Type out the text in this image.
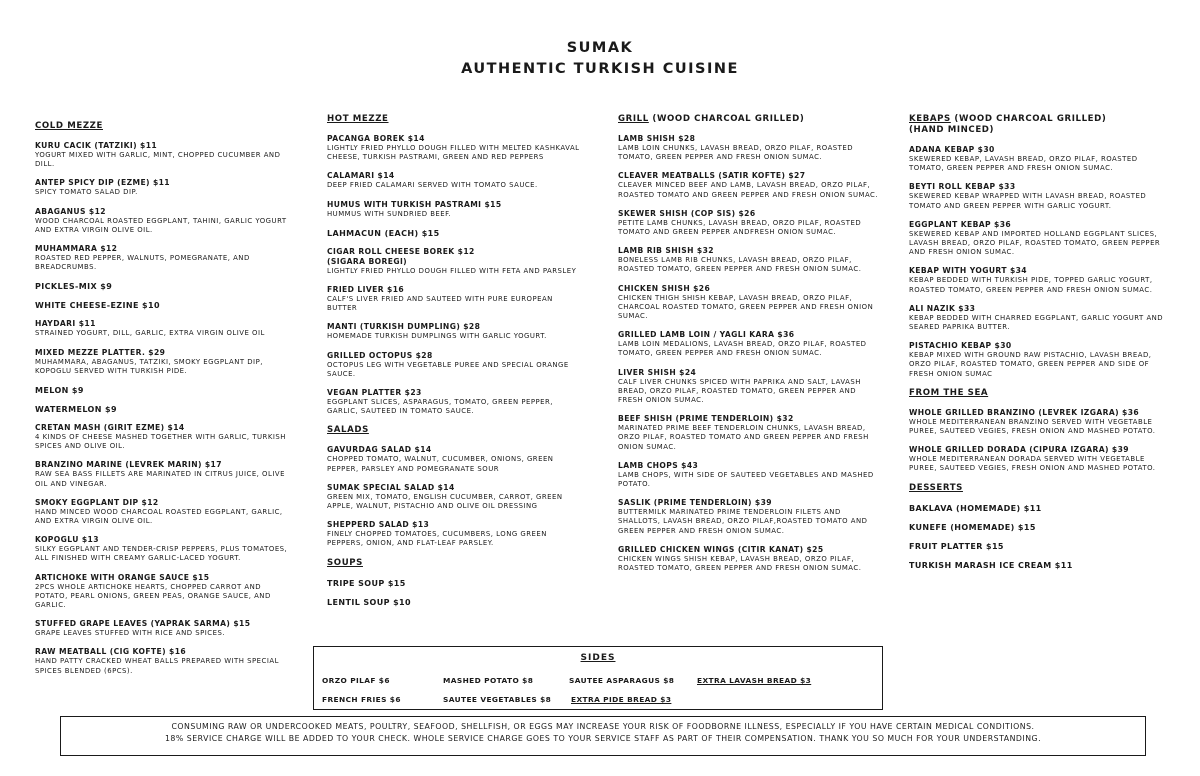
SUMAK
AUTHENTIC TURKISH CUISINE
COLD MEZZE
KURU CACIK (TATZIKI) $11
YOGURT MIXED WITH GARLIC, MINT, CHOPPED CUCUMBER AND DILL.
ANTEP SPICY DIP (EZME) $11
SPICY TOMATO SALAD DIP.
ABAGANUS $12
WOOD CHARCOAL ROASTED EGGPLANT, TAHINI, GARLIC YOGURT AND EXTRA VIRGIN OLIVE OIL.
MUHAMMARA $12
ROASTED RED PEPPER, WALNUTS, POMEGRANATE, AND BREADCRUMBS.
PICKLES-MIX $9
WHITE CHEESE-EZINE $10
HAYDARI $11
STRAINED YOGURT, DILL, GARLIC, EXTRA VIRGIN OLIVE OIL
MIXED MEZZE PLATTER. $29
MUHAMMARA, ABAGANUS, TATZIKI, SMOKY EGGPLANT DIP, KOPOGLU SERVED WITH TURKISH PIDE.
MELON $9
WATERMELON $9
CRETAN MASH (GIRIT EZME) $14
4 KINDS OF CHEESE MASHED TOGETHER WITH GARLIC, TURKISH SPICES AND OLIVE OIL.
BRANZINO MARINE (LEVREK MARIN) $17
RAW SEA BASS FILLETS ARE MARINATED IN CITRUS JUICE, OLIVE OIL AND VINEGAR.
SMOKY EGGPLANT DIP $12
HAND MINCED WOOD CHARCOAL ROASTED EGGPLANT, GARLIC, AND EXTRA VIRGIN OLIVE OIL.
KOPOGLU $13
SILKY EGGPLANT AND TENDER-CRISP PEPPERS, PLUS TOMATOES, ALL FINISHED WITH CREAMY GARLIC-LACED YOGURT.
ARTICHOKE WITH ORANGE SAUCE $15
2PCS WHOLE ARTICHOKE HEARTS, CHOPPED CARROT AND POTATO, PEARL ONIONS, GREEN PEAS, ORANGE SAUCE, AND GARLIC.
STUFFED GRAPE LEAVES (YAPRAK SARMA) $15
GRAPE LEAVES STUFFED WITH RICE AND SPICES.
RAW MEATBALL (CIG KOFTE) $16
HAND PATTY CRACKED WHEAT BALLS PREPARED WITH SPECIAL SPICES BLENDED (6PCS).
HOT MEZZE
PACANGA BOREK $14
LIGHTLY FRIED PHYLLO DOUGH FILLED WITH MELTED KASHKAVAL CHEESE, TURKISH PASTRAMI, GREEN AND RED PEPPERS
CALAMARI $14
DEEP FRIED CALAMARI SERVED WITH TOMATO SAUCE.
HUMUS WITH TURKISH PASTRAMI $15
HUMMUS WITH SUNDRIED BEEF.
LAHMACUN (EACH) $15
CIGAR ROLL CHEESE BOREK $12
(SIGARA BOREGI)
LIGHTLY FRIED PHYLLO DOUGH FILLED WITH FETA AND PARSLEY
FRIED LIVER $16
CALF'S LIVER FRIED AND SAUTEED WITH PURE EUROPEAN BUTTER
MANTI (TURKISH DUMPLING) $28
HOMEMADE TURKISH DUMPLINGS WITH GARLIC YOGURT.
GRILLED OCTOPUS $28
OCTOPUS LEG WITH VEGETABLE PUREE AND SPECIAL ORANGE SAUCE.
VEGAN PLATTER $23
EGGPLANT SLICES, ASPARAGUS, TOMATO, GREEN PEPPER, GARLIC, SAUTEED IN TOMATO SAUCE.
SALADS
GAVURDAG SALAD $14
CHOPPED TOMATO, WALNUT, CUCUMBER, ONIONS, GREEN PEPPER, PARSLEY AND POMEGRANATE SOUR
SUMAK SPECIAL SALAD $14
GREEN MIX, TOMATO, ENGLISH CUCUMBER, CARROT, GREEN APPLE, WALNUT, PISTACHIO AND OLIVE OIL DRESSING
SHEPPERD SALAD $13
FINELY CHOPPED TOMATOES, CUCUMBERS, LONG GREEN PEPPERS, ONION, AND FLAT-LEAF PARSLEY.
SOUPS
TRIPE SOUP $15
LENTIL SOUP $10
GRILL (WOOD CHARCOAL GRILLED)
LAMB SHISH $28
LAMB LOIN CHUNKS, LAVASH BREAD, ORZO PILAF, ROASTED TOMATO, GREEN PEPPER AND FRESH ONION SUMAC.
CLEAVER MEATBALLS (SATIR KOFTE) $27
CLEAVER MINCED BEEF AND LAMB, LAVASH BREAD, ORZO PILAF, ROASTED TOMATO AND GREEN PEPPER AND FRESH ONION SUMAC.
SKEWER SHISH (COP SIS) $26
PETITE LAMB CHUNKS, LAVASH BREAD, ORZO PILAF, ROASTED TOMATO AND GREEN PEPPER ANDFRESH ONION SUMAC.
LAMB RIB SHISH $32
BONELESS LAMB RIB CHUNKS, LAVASH BREAD, ORZO PILAF, ROASTED TOMATO, GREEN PEPPER AND FRESH ONION SUMAC.
CHICKEN SHISH $26
CHICKEN THIGH SHISH KEBAP, LAVASH BREAD, ORZO PILAF, CHARCOAL ROASTED TOMATO, GREEN PEPPER AND FRESH ONION SUMAC.
GRILLED LAMB LOIN / YAGLI KARA $36
LAMB LOIN MEDALIONS, LAVASH BREAD, ORZO PILAF, ROASTED TOMATO, GREEN PEPPER AND FRESH ONION SUMAC.
LIVER SHISH $24
CALF LIVER CHUNKS SPICED WITH PAPRIKA AND SALT, LAVASH BREAD, ORZO PILAF, ROASTED TOMATO, GREEN PEPPER AND FRESH ONION SUMAC.
BEEF SHISH (PRIME TENDERLOIN) $32
MARINATED PRIME BEEF TENDERLOIN CHUNKS, LAVASH BREAD, ORZO PILAF, ROASTED TOMATO AND GREEN PEPPER AND FRESH ONION SUMAC.
LAMB CHOPS $43
LAMB CHOPS, WITH SIDE OF SAUTEED VEGETABLES AND MASHED POTATO.
SASLIK (PRIME TENDERLOIN) $39
BUTTERMILK MARINATED PRIME TENDERLOIN FILETS AND SHALLOTS, LAVASH BREAD, ORZO PILAF,ROASTED TOMATO AND GREEN PEPPER AND FRESH ONION SUMAC.
GRILLED CHICKEN WINGS (CITIR KANAT) $25
CHICKEN WINGS SHISH KEBAP, LAVASH BREAD, ORZO PILAF, ROASTED TOMATO, GREEN PEPPER AND FRESH ONION SUMAC.
KEBAPS (WOOD CHARCOAL GRILLED)
(HAND MINCED)
ADANA KEBAP $30
SKEWERED KEBAP, LAVASH BREAD, ORZO PILAF, ROASTED TOMATO, GREEN PEPPER AND FRESH ONION SUMAC.
BEYTI ROLL KEBAP $33
SKEWERED KEBAP WRAPPED WITH LAVASH BREAD, ROASTED TOMATO AND GREEN PEPPER WITH GARLIC YOGURT.
EGGPLANT KEBAP $36
SKEWERED KEBAP AND IMPORTED HOLLAND EGGPLANT SLICES, LAVASH BREAD, ORZO PILAF, ROASTED TOMATO, GREEN PEPPER AND FRESH ONION SUMAC.
KEBAP WITH YOGURT $34
KEBAP BEDDED WITH TURKISH PIDE, TOPPED GARLIC YOGURT, ROASTED TOMATO, GREEN PEPPER AND FRESH ONION SUMAC.
ALI NAZIK $33
KEBAP BEDDED WITH CHARRED EGGPLANT, GARLIC YOGURT AND SEARED PAPRIKA BUTTER.
PISTACHIO KEBAP $30
KEBAP MIXED WITH GROUND RAW PISTACHIO, LAVASH BREAD, ORZO PILAF, ROASTED TOMATO, GREEN PEPPER AND SIDE OF FRESH ONION SUMAC
FROM THE SEA
WHOLE GRILLED BRANZINO (LEVREK IZGARA) $36
WHOLE MEDITERRANEAN BRANZINO SERVED WITH VEGETABLE PUREE, SAUTEED VEGIES, FRESH ONION AND MASHED POTATO.
WHOLE GRILLED DORADA (CIPURA IZGARA) $39
WHOLE MEDITERRANEAN DORADA SERVED WITH VEGETABLE PUREE, SAUTEED VEGIES, FRESH ONION AND MASHED POTATO.
DESSERTS
BAKLAVA (HOMEMADE) $11
KUNEFE (HOMEMADE) $15
FRUIT PLATTER $15
TURKISH MARASH ICE CREAM $11
SIDES
ORZO PILAF $6	MASHED POTATO $8	SAUTEE ASPARAGUS $8	EXTRA LAVASH BREAD $3
FRENCH FRIES $6	SAUTEE VEGETABLES $8	EXTRA PIDE BREAD $3
CONSUMING RAW OR UNDERCOOKED MEATS, POULTRY, SEAFOOD, SHELLFISH, OR EGGS MAY INCREASE YOUR RISK OF FOODBORNE ILLNESS, ESPECIALLY IF YOU HAVE CERTAIN MEDICAL CONDITIONS.
18% SERVICE CHARGE WILL BE ADDED TO YOUR CHECK. WHOLE SERVICE CHARGE GOES TO YOUR SERVICE STAFF AS PART OF THEIR COMPENSATION. THANK YOU SO MUCH FOR YOUR UNDERSTANDING.
